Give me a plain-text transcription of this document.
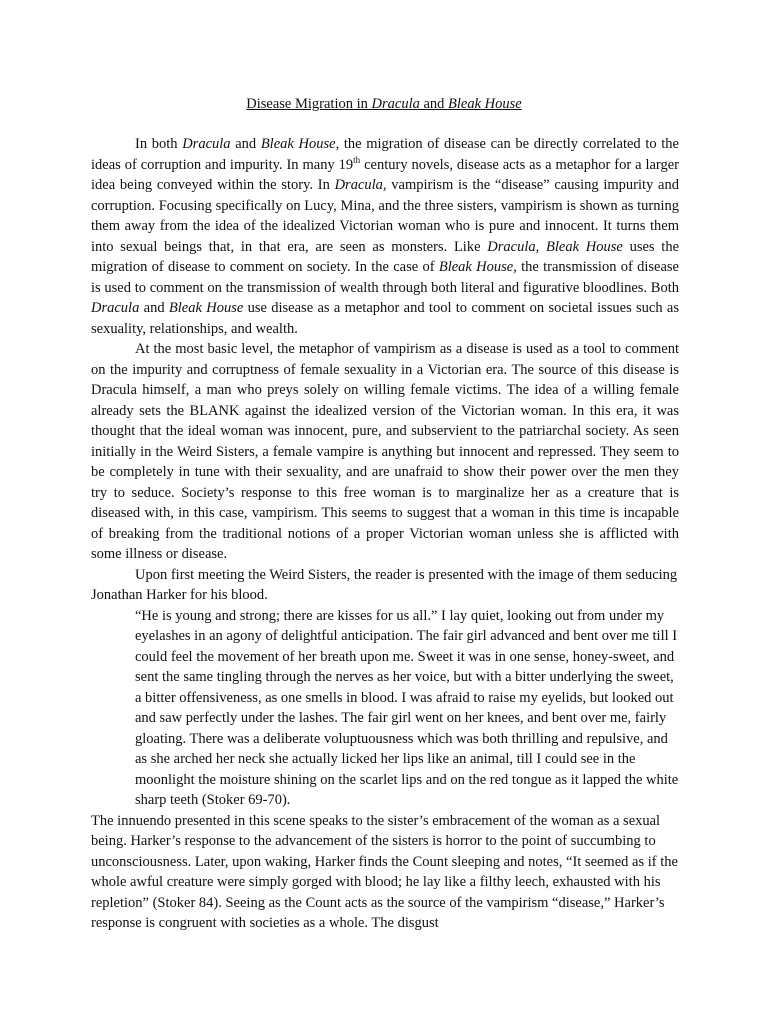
Disease Migration in Dracula and Bleak House

In both Dracula and Bleak House, the migration of disease can be directly correlated to the ideas of corruption and impurity. In many 19th century novels, disease acts as a metaphor for a larger idea being conveyed within the story. In Dracula, vampirism is the “disease” causing impurity and corruption. Focusing specifically on Lucy, Mina, and the three sisters, vampirism is shown as turning them away from the idea of the idealized Victorian woman who is pure and innocent. It turns them into sexual beings that, in that era, are seen as monsters. Like Dracula, Bleak House uses the migration of disease to comment on society. In the case of Bleak House, the transmission of disease is used to comment on the transmission of wealth through both literal and figurative bloodlines. Both Dracula and Bleak House use disease as a metaphor and tool to comment on societal issues such as sexuality, relationships, and wealth.

At the most basic level, the metaphor of vampirism as a disease is used as a tool to comment on the impurity and corruptness of female sexuality in a Victorian era. The source of this disease is Dracula himself, a man who preys solely on willing female victims. The idea of a willing female already sets the BLANK against the idealized version of the Victorian woman. In this era, it was thought that the ideal woman was innocent, pure, and subservient to the patriarchal society. As seen initially in the Weird Sisters, a female vampire is anything but innocent and repressed. They seem to be completely in tune with their sexuality, and are unafraid to show their power over the men they try to seduce. Society’s response to this free woman is to marginalize her as a creature that is diseased with, in this case, vampirism. This seems to suggest that a woman in this time is incapable of breaking from the traditional notions of a proper Victorian woman unless she is afflicted with some illness or disease.

Upon first meeting the Weird Sisters, the reader is presented with the image of them seducing Jonathan Harker for his blood.

“He is young and strong; there are kisses for us all.” I lay quiet, looking out from under my eyelashes in an agony of delightful anticipation. The fair girl advanced and bent over me till I could feel the movement of her breath upon me. Sweet it was in one sense, honey-sweet, and sent the same tingling through the nerves as her voice, but with a bitter underlying the sweet, a bitter offensiveness, as one smells in blood. I was afraid to raise my eyelids, but looked out and saw perfectly under the lashes. The fair girl went on her knees, and bent over me, fairly gloating. There was a deliberate voluptuousness which was both thrilling and repulsive, and as she arched her neck she actually licked her lips like an animal, till I could see in the moonlight the moisture shining on the scarlet lips and on the red tongue as it lapped the white sharp teeth (Stoker 69-70).

The innuendo presented in this scene speaks to the sister’s embracement of the woman as a sexual being. Harker’s response to the advancement of the sisters is horror to the point of succumbing to unconsciousness. Later, upon waking, Harker finds the Count sleeping and notes, “It seemed as if the whole awful creature were simply gorged with blood; he lay like a filthy leech, exhausted with his repletion” (Stoker 84). Seeing as the Count acts as the source of the vampirism “disease,” Harker’s response is congruent with societies as a whole. The disgust
